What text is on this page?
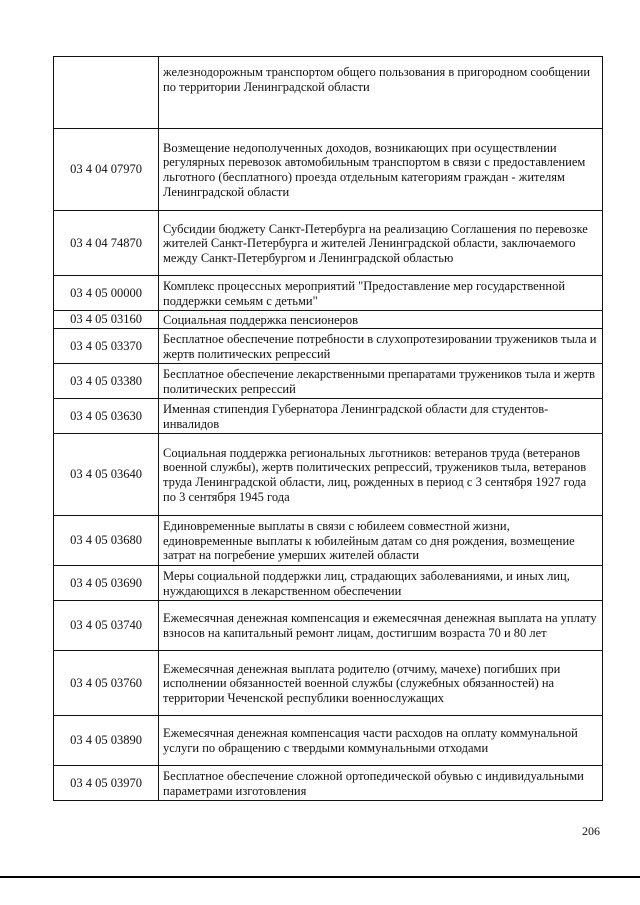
	железнодорожным транспортом общего пользования в пригородном сообщении по территории Ленинградской области
03 4 04 07970	Возмещение недополученных доходов, возникающих при осуществлении регулярных перевозок автомобильным транспортом в связи с предоставлением льготного (бесплатного) проезда отдельным категориям граждан - жителям Ленинградской области
03 4 04 74870	Субсидии бюджету Санкт-Петербурга на реализацию Соглашения по перевозке жителей Санкт-Петербурга и жителей Ленинградской области, заключаемого между Санкт-Петербургом и Ленинградской областью
03 4 05 00000	Комплекс процессных мероприятий "Предоставление мер государственной поддержки семьям с детьми"
03 4 05 03160	Социальная поддержка пенсионеров
03 4 05 03370	Бесплатное обеспечение потребности в слухопротезировании тружеников тыла и жертв политических репрессий
03 4 05 03380	Бесплатное обеспечение лекарственными препаратами тружеников тыла и жертв политических репрессий
03 4 05 03630	Именная стипендия Губернатора Ленинградской области для студентов-инвалидов
03 4 05 03640	Социальная поддержка региональных льготников: ветеранов труда (ветеранов военной службы), жертв политических репрессий, тружеников тыла, ветеранов труда Ленинградской области, лиц, рожденных в период с 3 сентября 1927 года по 3 сентября 1945 года
03 4 05 03680	Единовременные выплаты в связи с юбилеем совместной жизни, единовременные выплаты к юбилейным датам со дня рождения, возмещение затрат на погребение умерших жителей области
03 4 05 03690	Меры социальной поддержки лиц, страдающих заболеваниями, и иных лиц, нуждающихся в лекарственном обеспечении
03 4 05 03740	Ежемесячная денежная компенсация и ежемесячная денежная выплата на уплату взносов на капитальный ремонт лицам, достигшим возраста 70 и 80 лет
03 4 05 03760	Ежемесячная денежная выплата родителю (отчиму, мачехе) погибших при исполнении обязанностей военной службы (служебных обязанностей) на территории Чеченской республики военнослужащих
03 4 05 03890	Ежемесячная денежная компенсация части расходов на оплату коммунальной услуги по обращению с твердыми коммунальными отходами
03 4 05 03970	Бесплатное обеспечение сложной ортопедической обувью с индивидуальными параметрами изготовления
206
